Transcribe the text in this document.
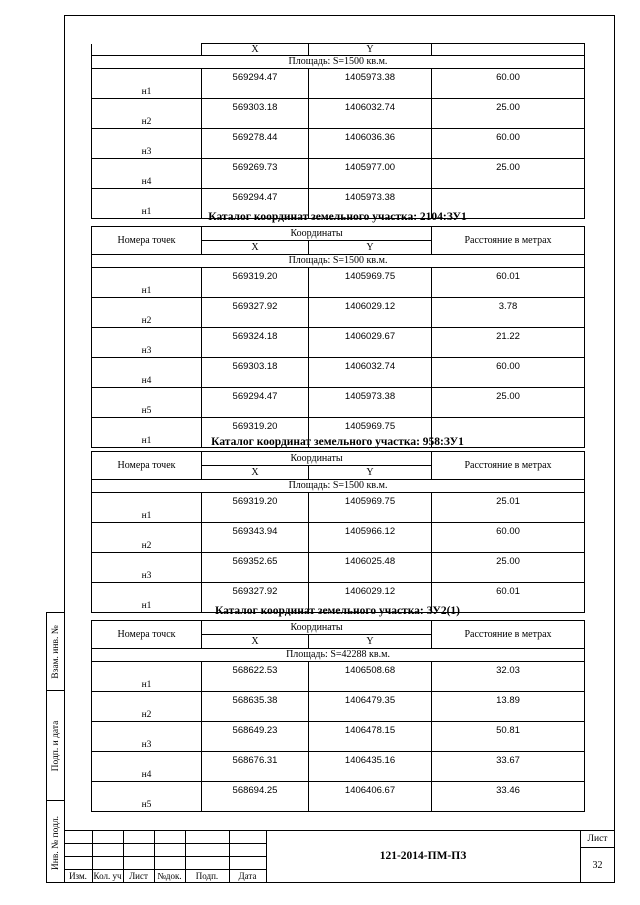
	X	Y	
Площадь: S=1500 кв.м.			
н1	569294.47	1405973.38	60.00
н2	569303.18	1406032.74	25.00
н3	569278.44	1406036.36	60.00
н4	569269.73	1405977.00	25.00
н1	569294.47	1405973.38	
Каталог координат земельного участка: 2104:ЗУ1
Номера точек	Координаты		Расстояние в метрах
	X	Y	
Площадь: S=1500 кв.м.			
н1	569319.20	1405969.75	60.01
н2	569327.92	1406029.12	3.78
н3	569324.18	1406029.67	21.22
н4	569303.18	1406032.74	60.00
н5	569294.47	1405973.38	25.00
н1	569319.20	1405969.75	
Каталог координат земельного участка: 958:ЗУ1
Номера точек	Координаты		Расстояние в метрах
	X	Y	
Площадь: S=1500 кв.м.			
н1	569319.20	1405969.75	25.01
н2	569343.94	1405966.12	60.00
н3	569352.65	1406025.48	25.00
н1	569327.92	1406029.12	60.01
Каталог координат земельного участка: ЗУ2(1)
Номера точск	Координаты		Расстояние в метрах
	X	Y	
Площадь: S=42288 кв.м.			
н1	568622.53	1406508.68	32.03
н2	568635.38	1406479.35	13.89
н3	568649.23	1406478.15	50.81
н4	568676.31	1406435.16	33.67
н5	568694.25	1406406.67	33.46
Взам. инв. №
Подп. и дата
Инв. № подл.
Изм. Кол. уч Лист	№док.	Подп.	Дата
121-2014-ПМ-ПЗ
Лист
32
